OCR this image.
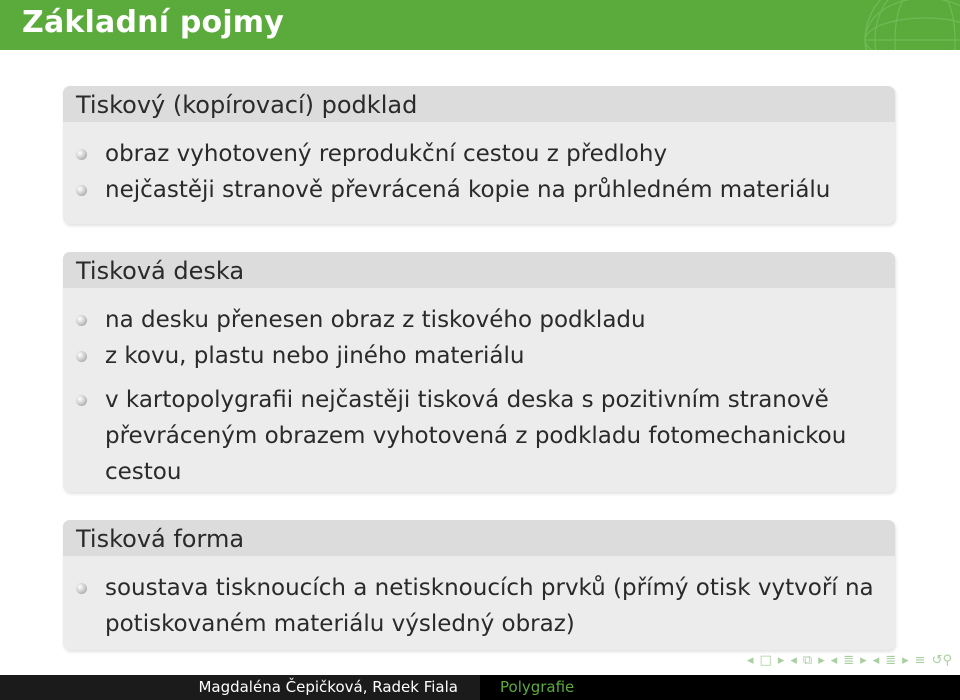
Základní pojmy
Tiskový (kopírovací) podklad
obraz vyhotovený reprodukční cestou z předlohy
nejčastěji stranově převrácená kopie na průhledném materiálu
Tisková deska
na desku přenesen obraz z tiskového podkladu
z kovu, plastu nebo jiného materiálu
v kartopolygrafii nejčastěji tisková deska s pozitivním stranově převráceným obrazem vyhotovená z podkladu fotomechanickou cestou
Tisková forma
soustava tisknoucích a netisknoucích prvků (přímý otisk vytvoří na potiskovaném materiálu výsledný obraz)
◂ □ ▸ ◂ ⧉ ▸ ◂ ≣ ▸ ◂ ≣ ▸ ≡ ↺⚲
Magdaléna Čepičková, Radek Fiala	Polygrafie
